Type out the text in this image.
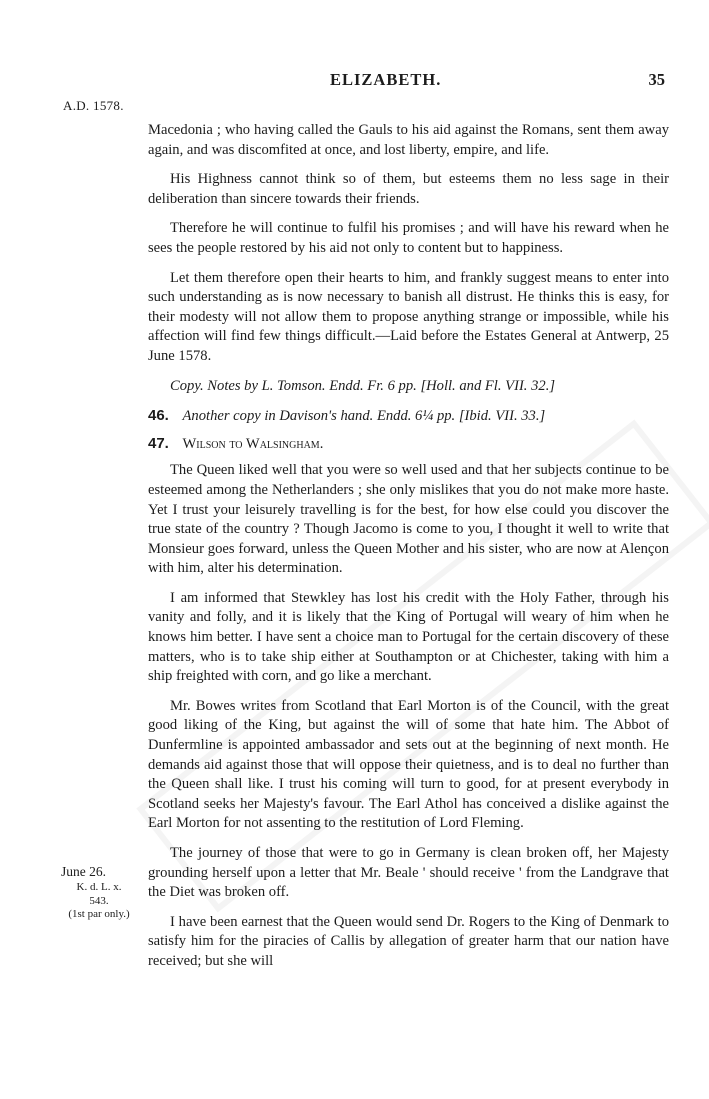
ELIZABETH.	35
A.D. 1578.
June 26.
K. d. L. x.
543.
(1st par only.)

Macedonia ; who having called the Gauls to his aid against the Romans, sent them away again, and was discomfited at once, and lost liberty, empire, and life.

His Highness cannot think so of them, but esteems them no less sage in their deliberation than sincere towards their friends.

Therefore he will continue to fulfil his promises ; and will have his reward when he sees the people restored by his aid not only to content but to happiness.

Let them therefore open their hearts to him, and frankly suggest means to enter into such understanding as is now necessary to banish all distrust. He thinks this is easy, for their modesty will not allow them to propose anything strange or impossible, while his affection will find few things difficult.—Laid before the Estates General at Antwerp, 25 June 1578.

Copy. Notes by L. Tomson. Endd. Fr. 6 pp. [Holl. and Fl. VII. 32.]

46. Another copy in Davison's hand. Endd. 6¼ pp. [Ibid. VII. 33.]
47. Wilson to Walsingham.

The Queen liked well that you were so well used and that her subjects continue to be esteemed among the Netherlanders ; she only mislikes that you do not make more haste. Yet I trust your leisurely travelling is for the best, for how else could you discover the true state of the country ? Though Jacomo is come to you, I thought it well to write that Monsieur goes forward, unless the Queen Mother and his sister, who are now at Alençon with him, alter his determination.

I am informed that Stewkley has lost his credit with the Holy Father, through his vanity and folly, and it is likely that the King of Portugal will weary of him when he knows him better. I have sent a choice man to Portugal for the certain discovery of these matters, who is to take ship either at Southampton or at Chichester, taking with him a ship freighted with corn, and go like a merchant.

Mr. Bowes writes from Scotland that Earl Morton is of the Council, with the great good liking of the King, but against the will of some that hate him. The Abbot of Dunfermline is appointed ambassador and sets out at the beginning of next month. He demands aid against those that will oppose their quietness, and is to deal no further than the Queen shall like. I trust his coming will turn to good, for at present everybody in Scotland seeks her Majesty's favour. The Earl Athol has conceived a dislike against the Earl Morton for not assenting to the restitution of Lord Fleming.

The journey of those that were to go in Germany is clean broken off, her Majesty grounding herself upon a letter that Mr. Beale ' should receive ' from the Landgrave that the Diet was broken off.

I have been earnest that the Queen would send Dr. Rogers to the King of Denmark to satisfy him for the piracies of Callis by allegation of greater harm that our nation have received; but she will
